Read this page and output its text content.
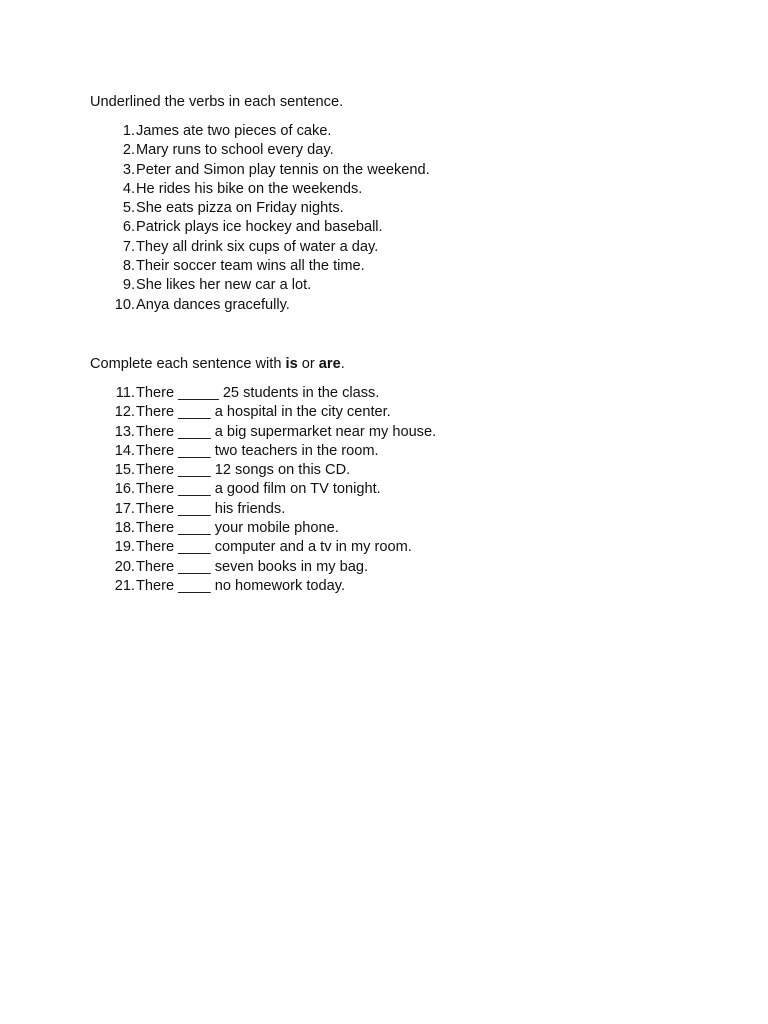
Underlined the verbs in each sentence.

1. James ate two pieces of cake.
2. Mary runs to school every day.
3. Peter and Simon play tennis on the weekend.
4. He rides his bike on the weekends.
5. She eats pizza on Friday nights.
6. Patrick plays ice hockey and baseball.
7. They all drink six cups of water a day.
8. Their soccer team wins all the time.
9. She likes her new car a lot.
10. Anya dances gracefully.

Complete each sentence with is or are.

11. There _____ 25 students in the class.
12. There ____ a hospital in the city center.
13. There ____ a big supermarket near my house.
14. There ____ two teachers in the room.
15. There ____ 12 songs on this CD.
16. There ____ a good film on TV tonight.
17. There ____ his friends.
18. There ____ your mobile phone.
19. There ____ computer and a tv in my room.
20. There ____ seven books in my bag.
21. There ____ no homework today.
